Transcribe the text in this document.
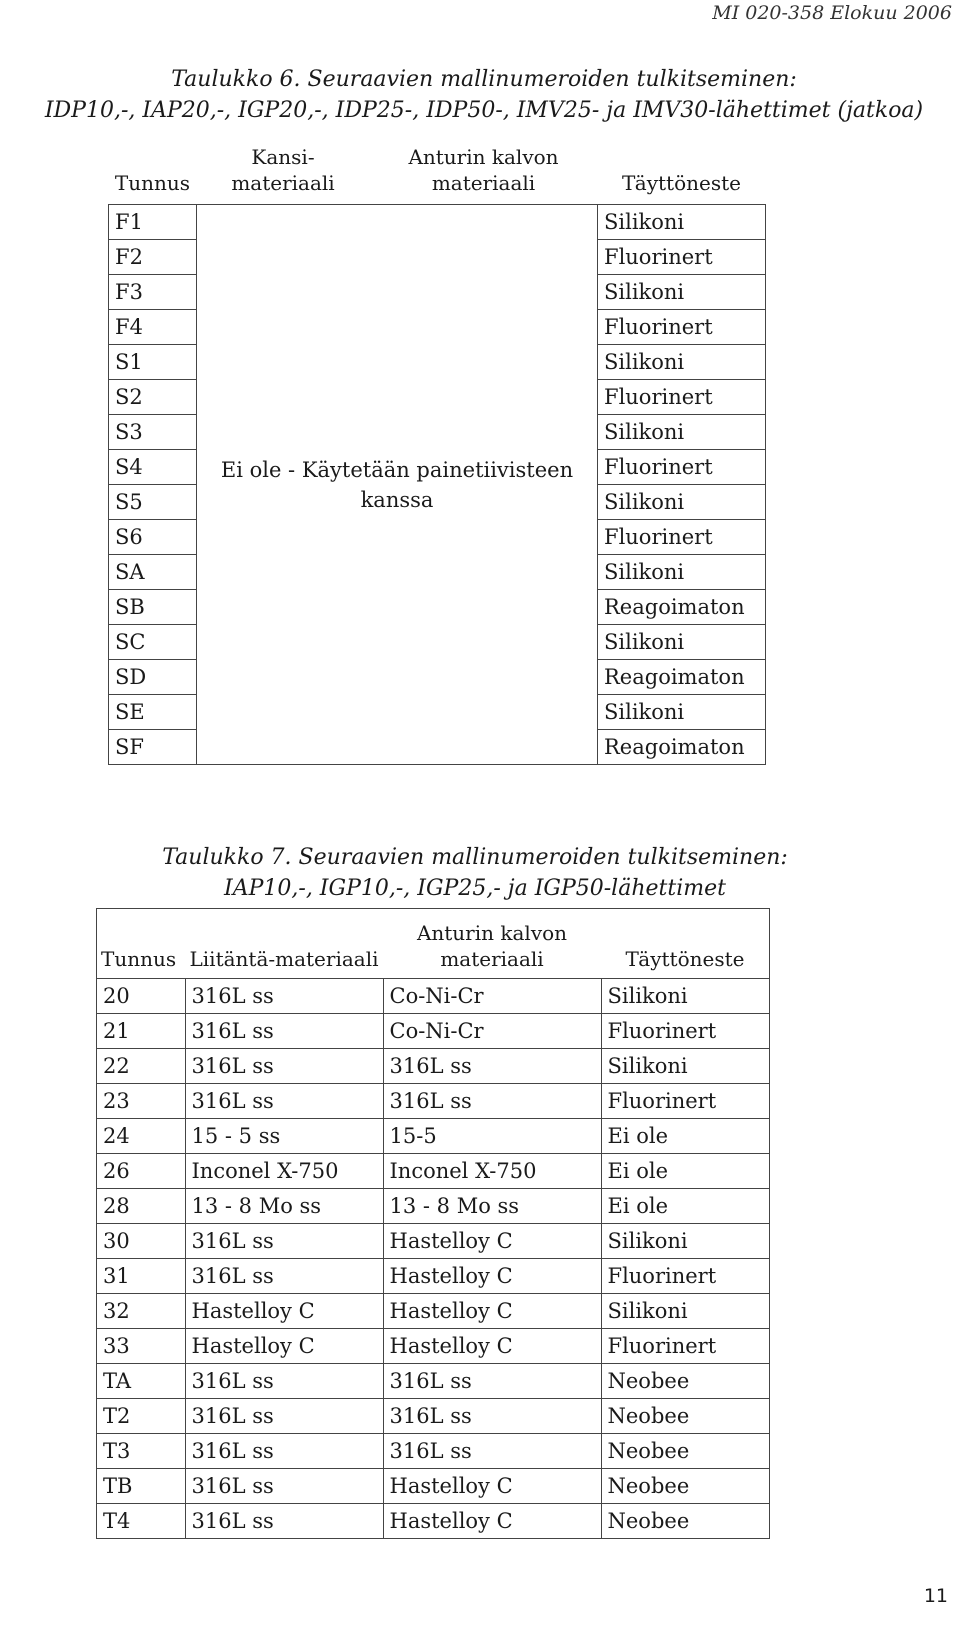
MI 020-358 Elokuu 2006
Taulukko 6. Seuraavien mallinumeroiden tulkitseminen:
IDP10,-, IAP20,-, IGP20,-, IDP25-, IDP50-, IMV25- ja IMV30-lähettimet (jatkoa)
Tunnus	Kansi-materiaali	Anturin kalvon materiaali	Täyttöneste
F1	Ei ole - Käytetään painetiivisteen kanssa		Silikoni
F2			Fluorinert
F3			Silikoni
F4			Fluorinert
S1			Silikoni
S2			Fluorinert
S3			Silikoni
S4			Fluorinert
S5			Silikoni
S6			Fluorinert
SA			Silikoni
SB			Reagoimaton
SC			Silikoni
SD			Reagoimaton
SE			Silikoni
SF			Reagoimaton
Taulukko 7. Seuraavien mallinumeroiden tulkitseminen:
IAP10,-, IGP10,-, IGP25,- ja IGP50-lähettimet
Tunnus	Liitäntä-materiaali	Anturin kalvon materiaali	Täyttöneste
20	316L ss	Co-Ni-Cr	Silikoni
21	316L ss	Co-Ni-Cr	Fluorinert
22	316L ss	316L ss	Silikoni
23	316L ss	316L ss	Fluorinert
24	15 - 5 ss	15-5	Ei ole
26	Inconel X-750	Inconel X-750	Ei ole
28	13 - 8 Mo ss	13 - 8 Mo ss	Ei ole
30	316L ss	Hastelloy C	Silikoni
31	316L ss	Hastelloy C	Fluorinert
32	Hastelloy C	Hastelloy C	Silikoni
33	Hastelloy C	Hastelloy C	Fluorinert
TA	316L ss	316L ss	Neobee
T2	316L ss	316L ss	Neobee
T3	316L ss	316L ss	Neobee
TB	316L ss	Hastelloy C	Neobee
T4	316L ss	Hastelloy C	Neobee
11
